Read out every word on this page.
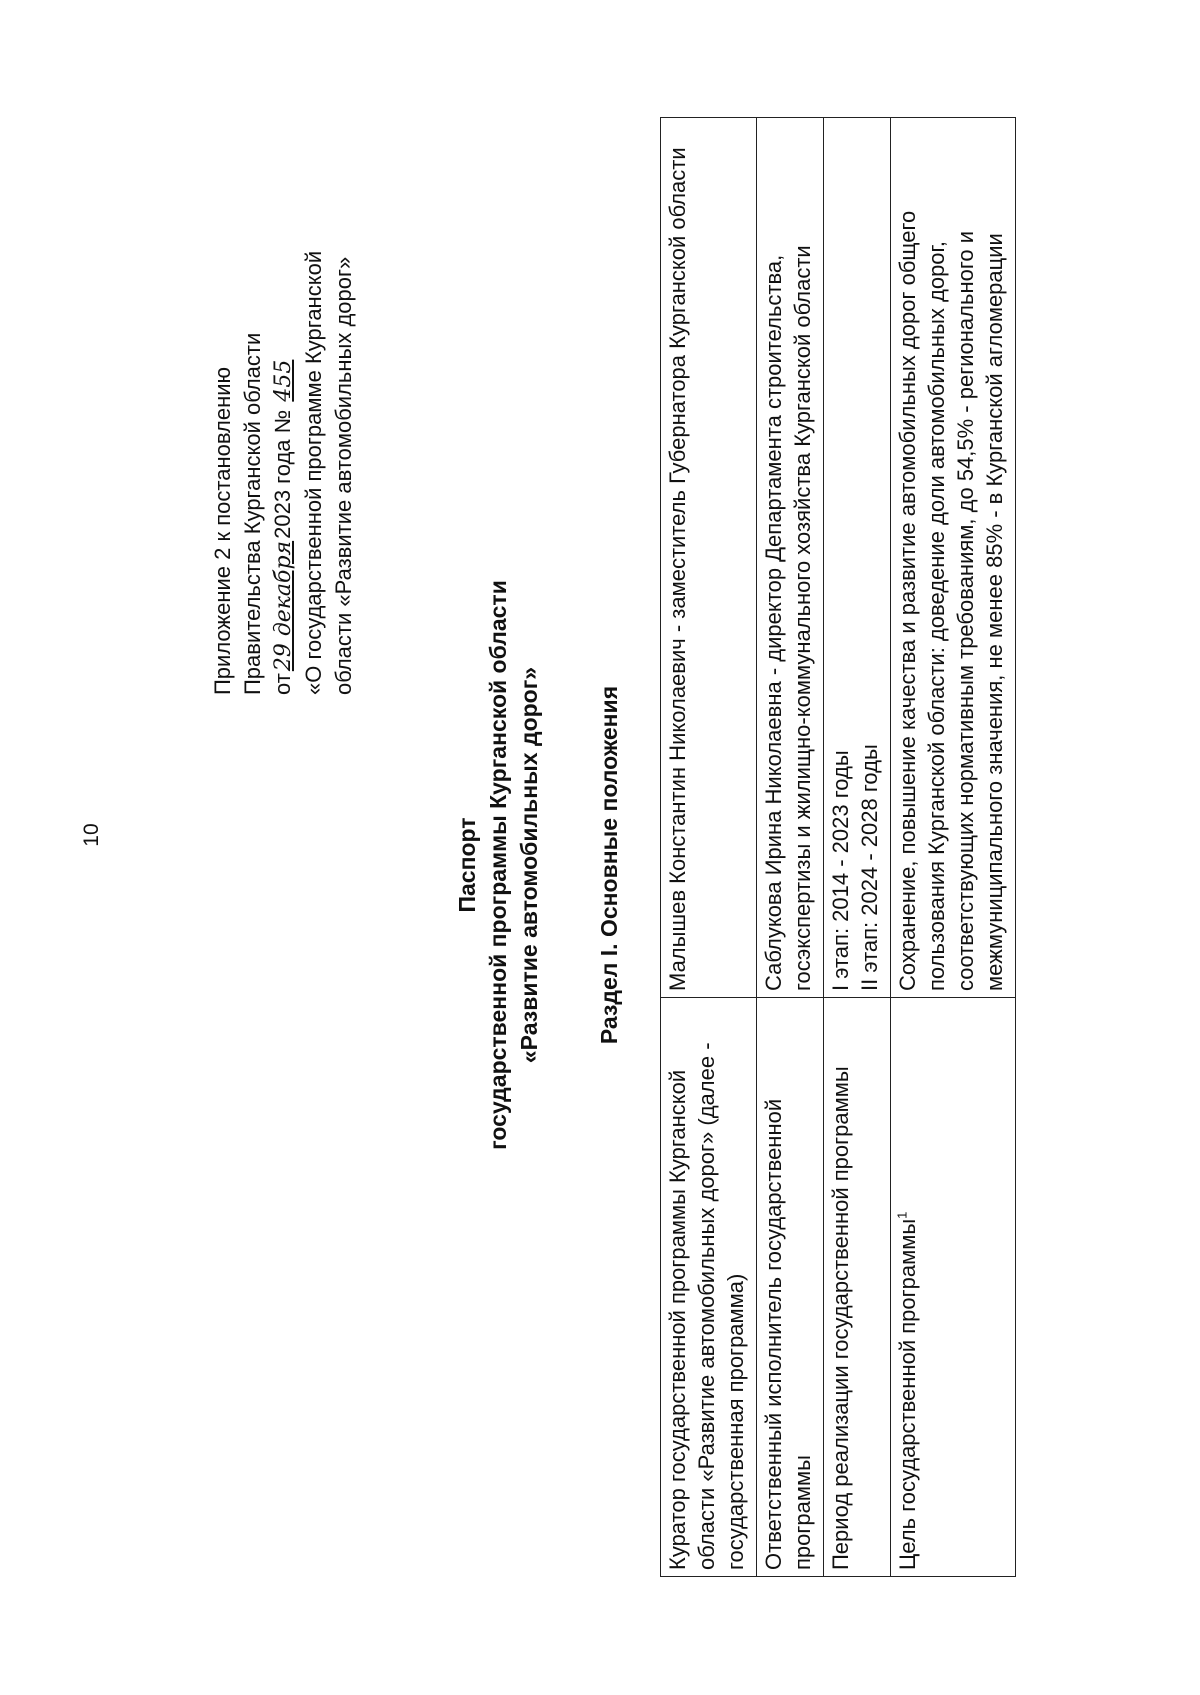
10
Приложение 2 к постановлению Правительства Курганской области от29 декабря2023 года № 455 «О государственной программе Курганской области «Развитие автомобильных дорог»
Паспорт государственной программы Курганской области «Развитие автомобильных дорог» Раздел I. Основные положения
Куратор государственной программы Курганской области «Развитие автомобильных дорог» (далее - государственная программа)	Малышев Константин Николаевич - заместитель Губернатора Курганской области
Ответственный исполнитель государственной программы	Саблукова Ирина Николаевна - директор Департамента строительства, госэкспертизы и жилищно-коммунального хозяйства Курганской области
Период реализации государственной программы	I этап: 2014 - 2023 годы II этап: 2024 - 2028 годы

Цель государственной программы$^1$	Сохранение, повышение качества и развитие автомобильных дорог общего пользования Курганской области: доведение доли автомобильных дорог, соответствующих нормативным требованиям, до 54,5% - регионального и межмуниципального значения, не менее 85% - в Курганской агломерации
